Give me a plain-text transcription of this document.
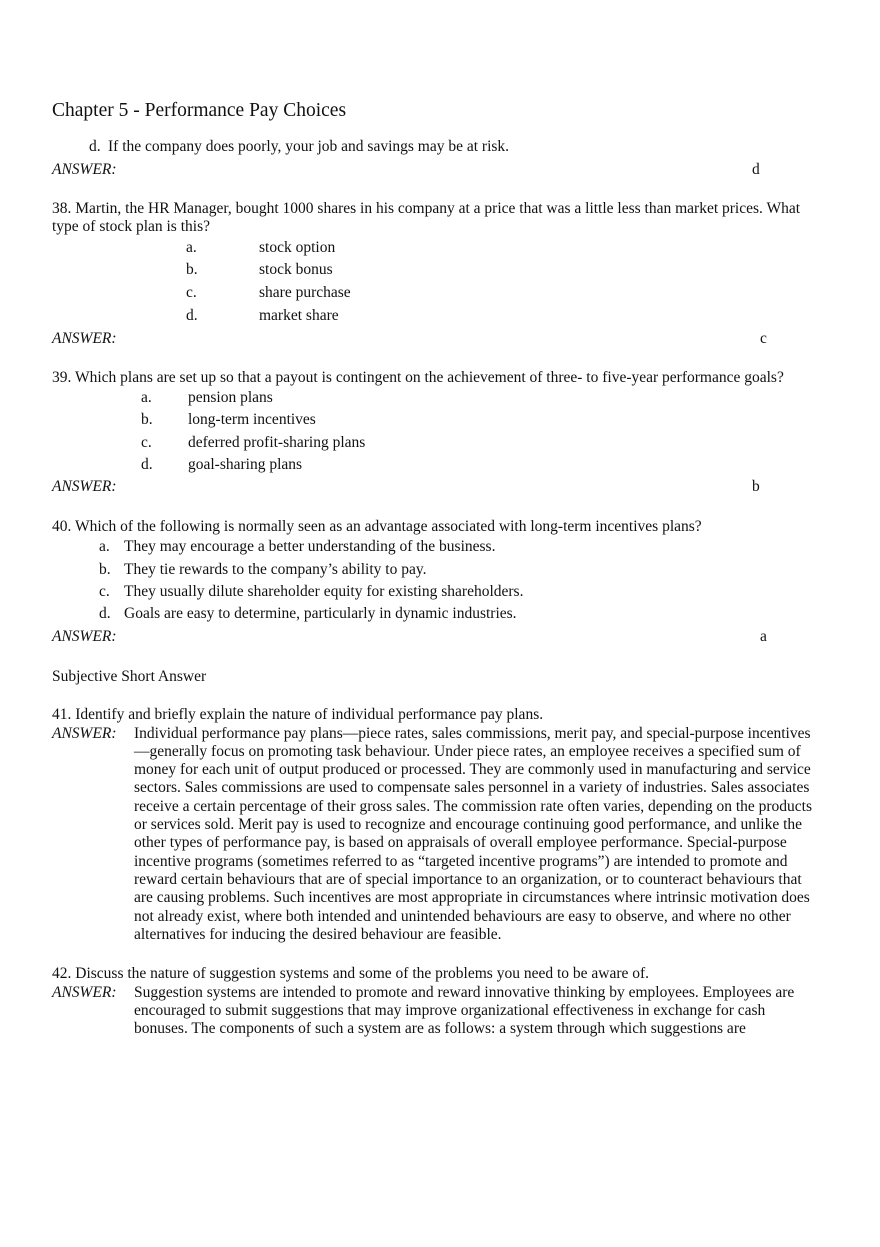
Chapter 5 - Performance Pay Choices
d. If the company does poorly, your job and savings may be at risk.
ANSWER:	d
38. Martin, the HR Manager, bought 1000 shares in his company at a price that was a little less than market prices. What
type of stock plan is this?
a.	stock option
b.	stock bonus
c.	share purchase
d.	market share
ANSWER:	c
39. Which plans are set up so that a payout is contingent on the achievement of three- to five-year performance goals?
a. pension plans
b. long-term incentives
c. deferred profit-sharing plans
d. goal-sharing plans
ANSWER:	b
40. Which of the following is normally seen as an advantage associated with long-term incentives plans?
a. They may encourage a better understanding of the business.
b. They tie rewards to the company’s ability to pay.
c. They usually dilute shareholder equity for existing shareholders.
d. Goals are easy to determine, particularly in dynamic industries.
ANSWER:	a
Subjective Short Answer
41. Identify and briefly explain the nature of individual performance pay plans.
ANSWER: Individual performance pay plans—piece rates, sales commissions, merit pay, and special-purpose incentives
—generally focus on promoting task behaviour. Under piece rates, an employee receives a specified sum of
money for each unit of output produced or processed. They are commonly used in manufacturing and service
sectors. Sales commissions are used to compensate sales personnel in a variety of industries. Sales associates
receive a certain percentage of their gross sales. The commission rate often varies, depending on the products
or services sold. Merit pay is used to recognize and encourage continuing good performance, and unlike the
other types of performance pay, is based on appraisals of overall employee performance. Special-purpose
incentive programs (sometimes referred to as “targeted incentive programs”) are intended to promote and
reward certain behaviours that are of special importance to an organization, or to counteract behaviours that
are causing problems. Such incentives are most appropriate in circumstances where intrinsic motivation does
not already exist, where both intended and unintended behaviours are easy to observe, and where no other
alternatives for inducing the desired behaviour are feasible.
42. Discuss the nature of suggestion systems and some of the problems you need to be aware of.
ANSWER: Suggestion systems are intended to promote and reward innovative thinking by employees. Employees are
encouraged to submit suggestions that may improve organizational effectiveness in exchange for cash
bonuses. The components of such a system are as follows: a system through which suggestions are
